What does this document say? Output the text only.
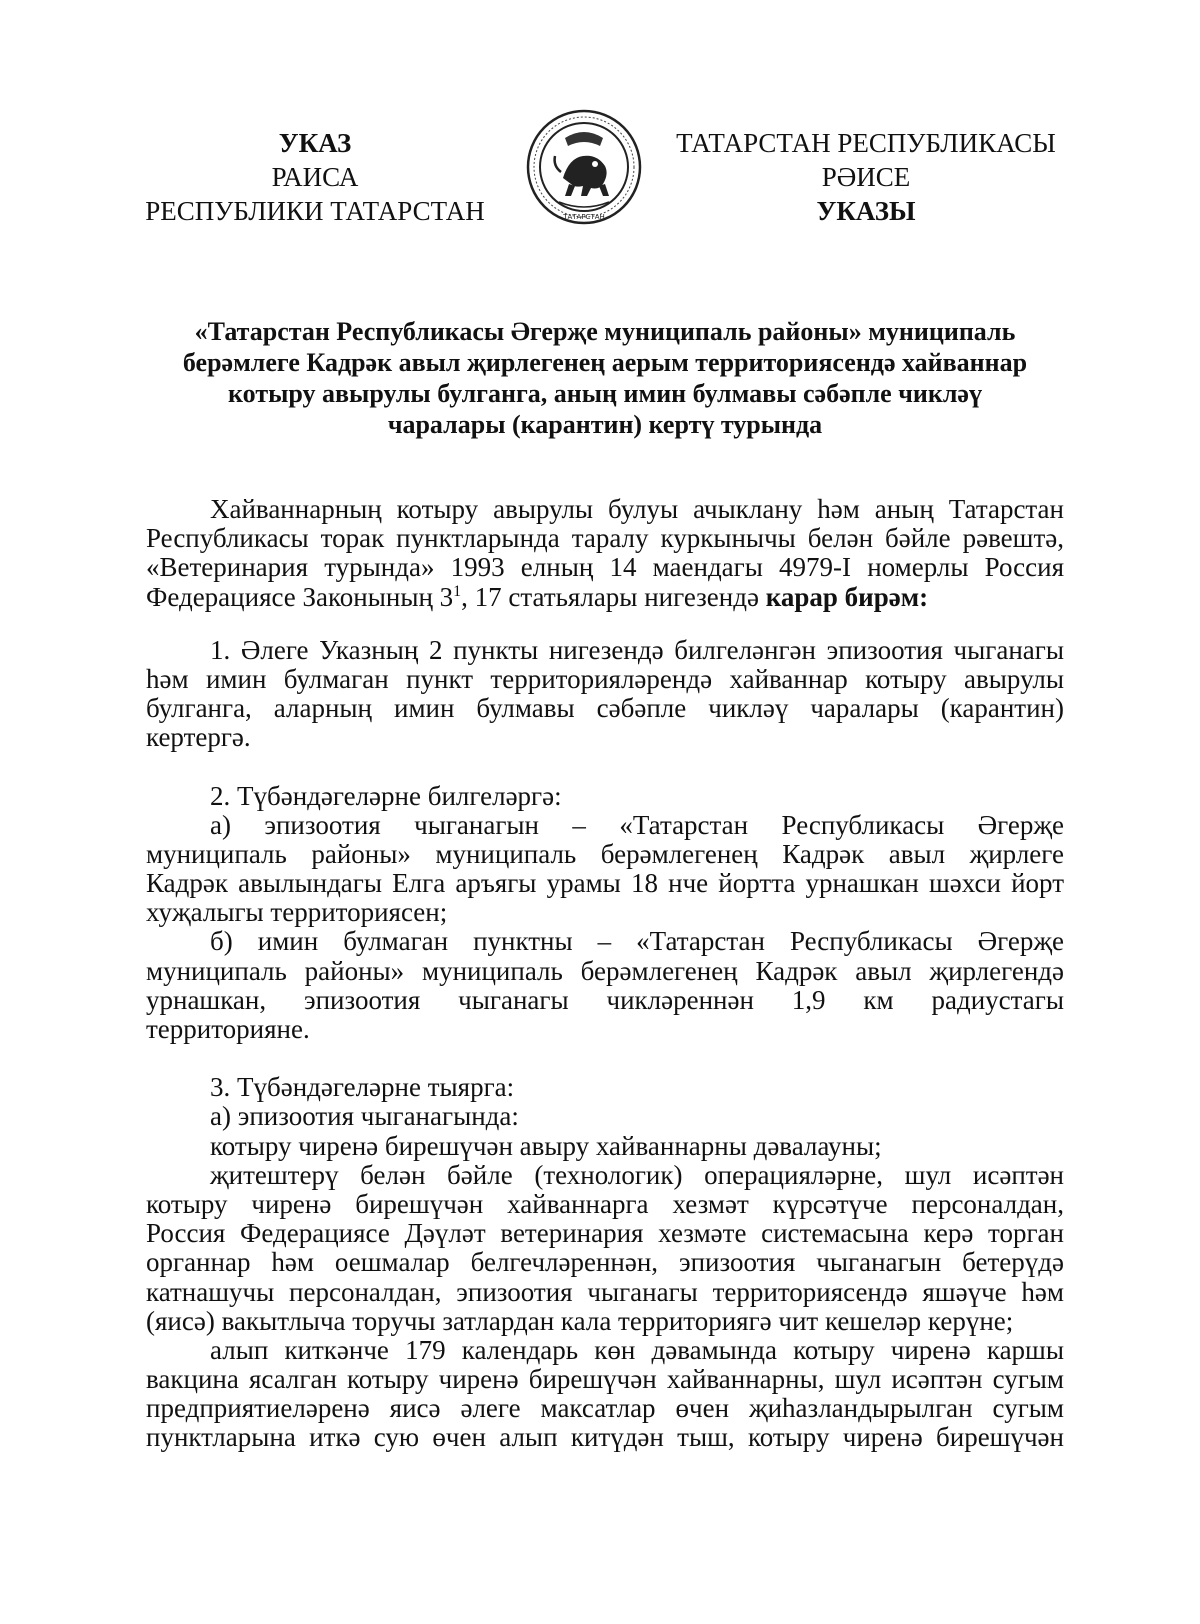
УКАЗ
РАИСА
РЕСПУБЛИКИ ТАТАРСТАН	ТАТАРСТАН
ТАТАРСТАН РЕСПУБЛИКАСЫ
РӘИСЕ
УКАЗЫ
«Татарстан Республикасы Әгерҗе муниципаль районы» муниципаль
берәмлеге Кадрәк авыл җирлегенең аерым территориясендә хайваннар
котыру авырулы булганга, аның имин булмавы сәбәпле чикләү
чаралары (карантин) кертү турында
Хайваннарның котыру авырулы булуы ачыклану һәм аның Татарстан
Республикасы торак пунктларында таралу куркынычы белән бәйле рәвештә,
«Ветеринария турында» 1993 елның 14 маендагы 4979-I номерлы Россия
Федерациясе Законының $3^1$, 17 статьялары нигезендә карар бирәм:
1. Әлеге Указның 2 пункты нигезендә билгеләнгән эпизоотия чыганагы
һәм имин булмаган пункт территорияләрендә хайваннар котыру авырулы
булганга, аларның имин булмавы сәбәпле чикләү чаралары (карантин)
кертергә.
2. Түбәндәгеләрне билгеләргә:
а) эпизоотия чыганагын – «Татарстан Республикасы Әгерҗе
муниципаль районы» муниципаль берәмлегенең Кадрәк авыл җирлеге
Кадрәк авылындагы Елга аръягы урамы 18 нче йортта урнашкан шәхси йорт
хуҗалыгы территориясен;
б) имин булмаган пунктны – «Татарстан Республикасы Әгерҗе
муниципаль районы» муниципаль берәмлегенең Кадрәк авыл җирлегендә
урнашкан, эпизоотия чыганагы чикләреннән 1,9 км радиустагы
территорияне.
3. Түбәндәгеләрне тыярга:
а) эпизоотия чыганагында:
котыру чиренә бирешүчән авыру хайваннарны дәвалауны;
җитештерү белән бәйле (технологик) операцияләрне, шул исәптән
котыру чиренә бирешүчән хайваннарга хезмәт күрсәтүче персоналдан,
Россия Федерациясе Дәүләт ветеринария хезмәте системасына керә торган
органнар һәм оешмалар белгечләреннән, эпизоотия чыганагын бетерүдә
катнашучы персоналдан, эпизоотия чыганагы территориясендә яшәүче һәм
(яисә) вакытлыча торучы затлардан кала территориягә чит кешеләр керүне;
алып киткәнче 179 календарь көн дәвамында котыру чиренә каршы
вакцина ясалган котыру чиренә бирешүчән хайваннарны, шул исәптән сугым
предприятиеләренә яисә әлеге максатлар өчен җиһазландырылган сугым
пунктларына иткә сую өчен алып китүдән тыш, котыру чиренә бирешүчән
